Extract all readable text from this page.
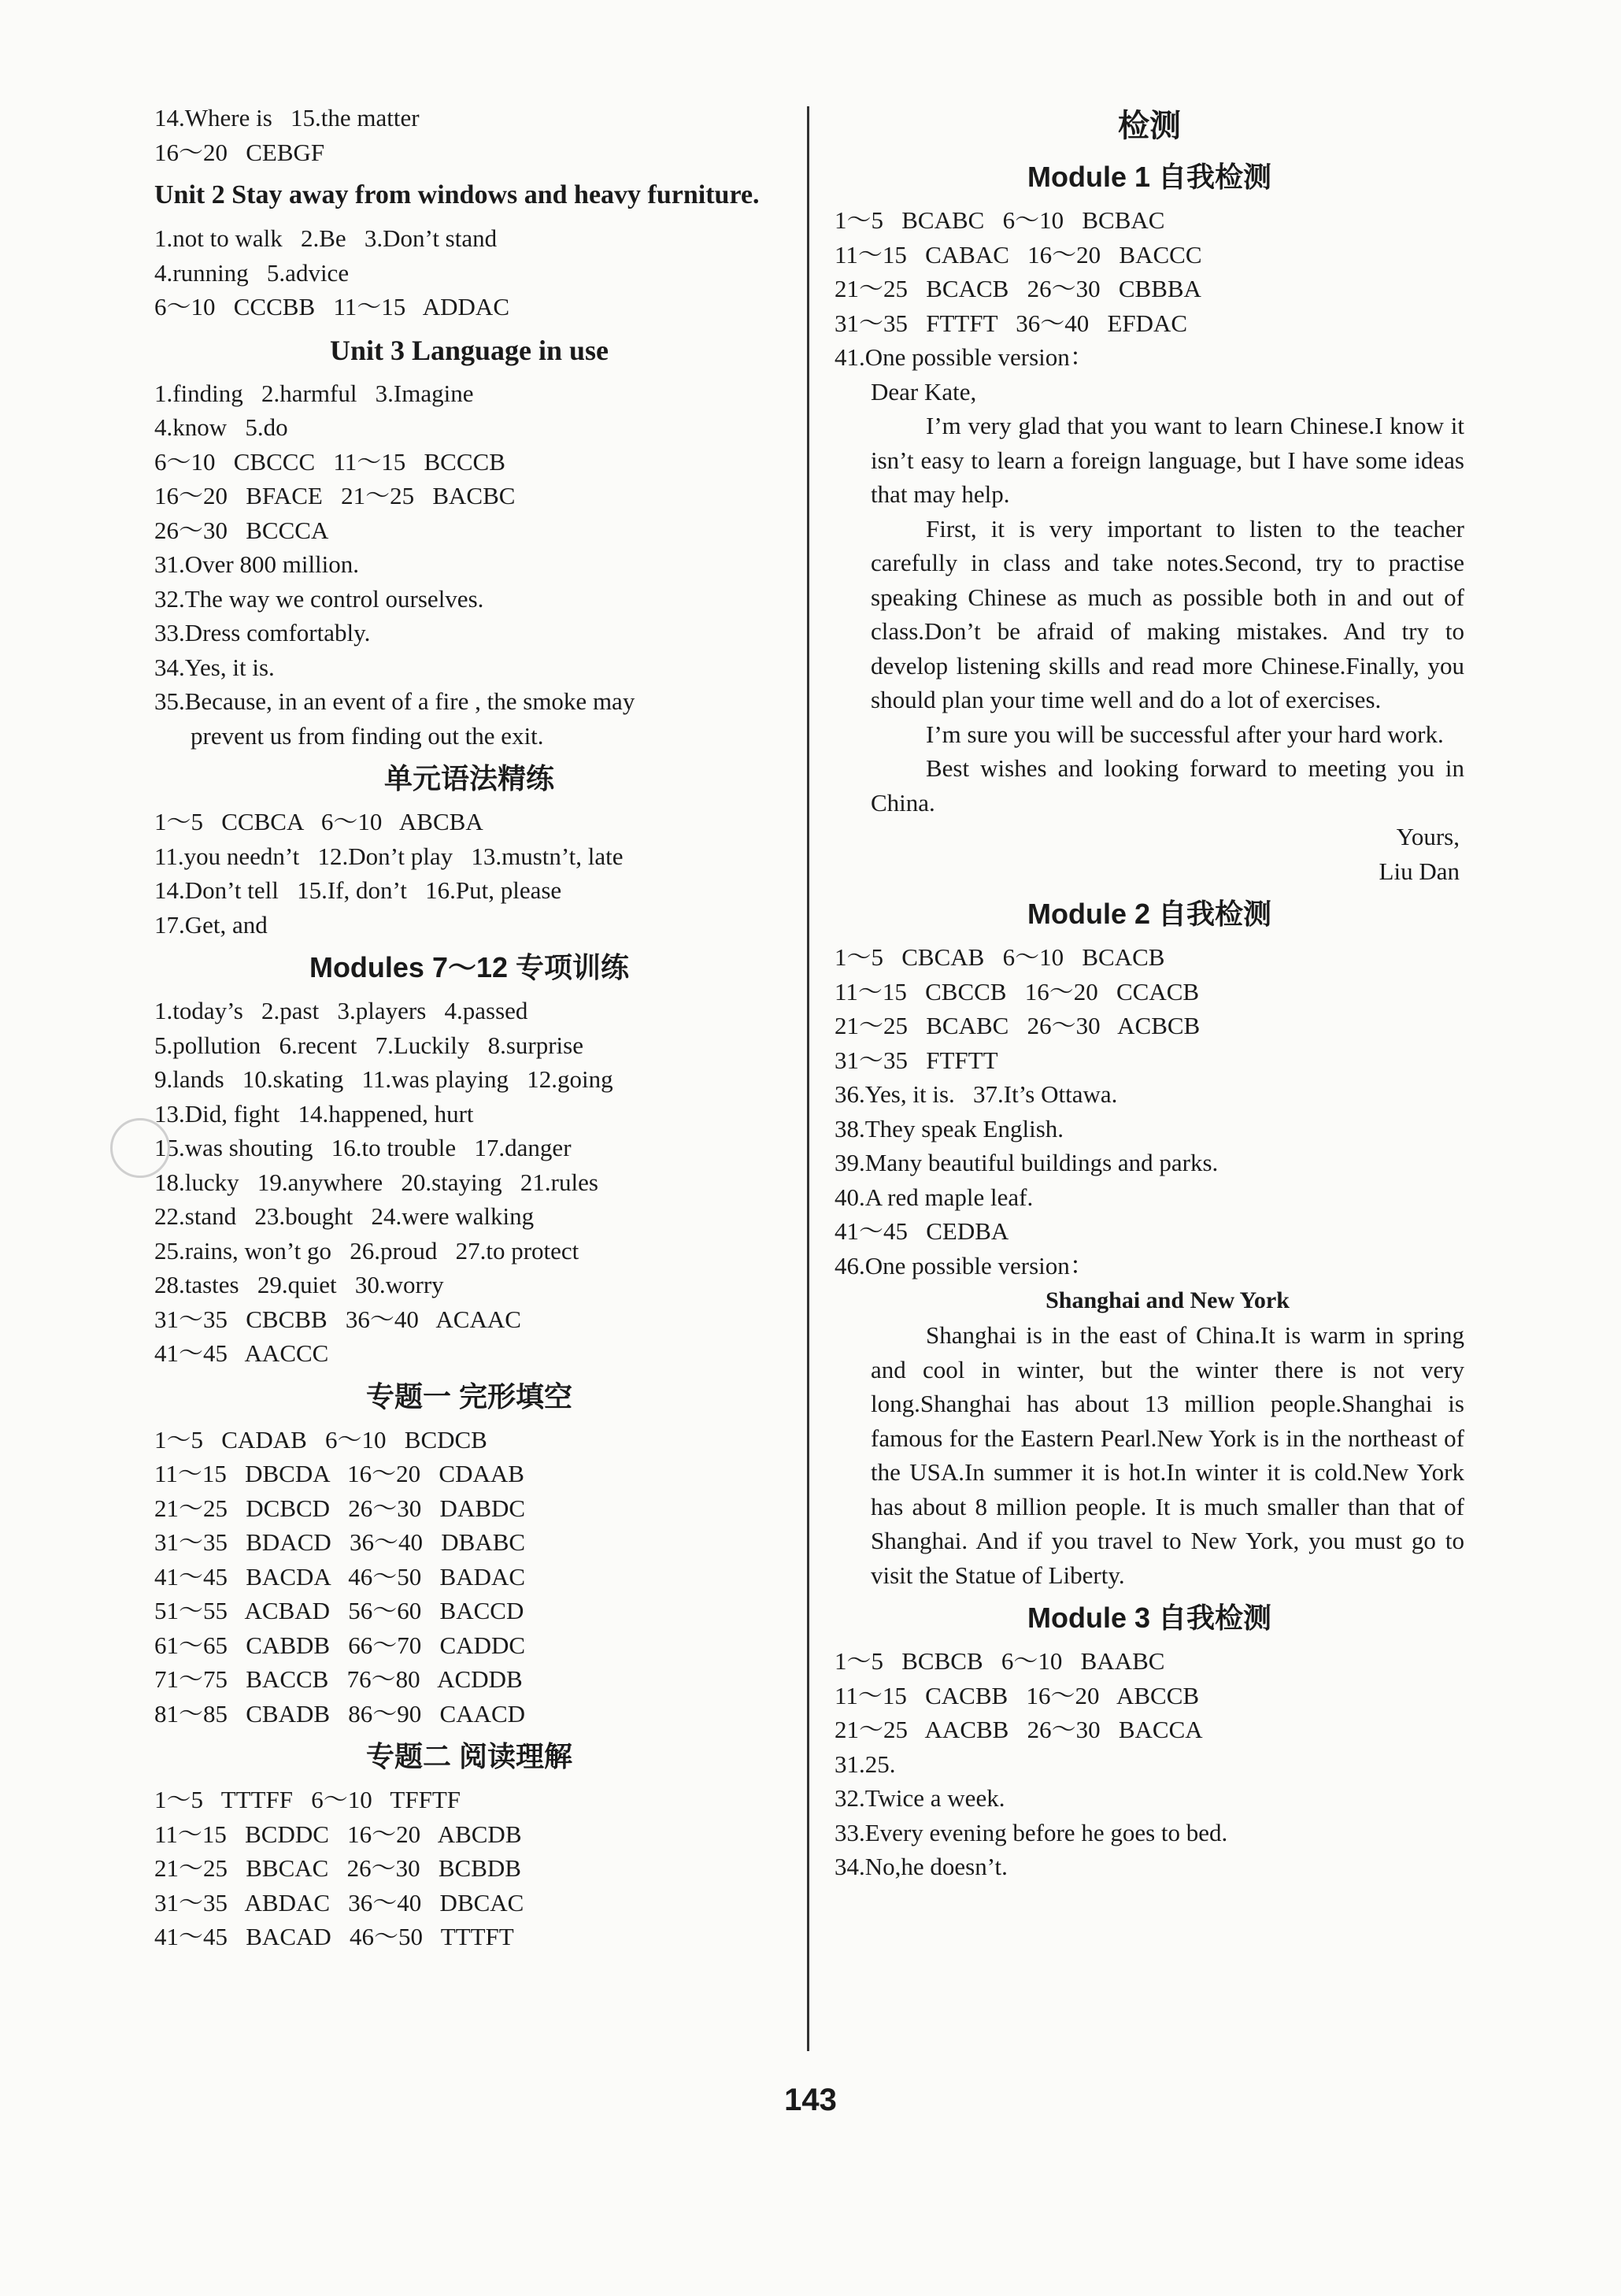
14.Where is   15.the matter
16～20   CEBGF
Unit 2 Stay away from windows and heavy furniture.
1.not to walk   2.Be   3.Don’t stand
4.running   5.advice
6～10   CCCBB   11～15   ADDAC
Unit 3 Language in use
1.finding   2.harmful   3.Imagine
4.know   5.do
6～10   CBCCC   11～15   BCCCB
16～20   BFACE   21～25   BACBC
26～30   BCCCA
31.Over 800 million.
32.The way we control ourselves.
33.Dress comfortably.
34.Yes, it is.
35.Because, in an event of a fire , the smoke may
prevent us from finding out the exit.
单元语法精练
1～5   CCBCA   6～10   ABCBA
11.you needn’t   12.Don’t play   13.mustn’t, late
14.Don’t tell   15.If, don’t   16.Put, please
17.Get, and
Modules 7～12 专项训练
1.today’s   2.past   3.players   4.passed
5.pollution   6.recent   7.Luckily   8.surprise
9.lands   10.skating   11.was playing   12.going
13.Did, fight   14.happened, hurt
15.was shouting   16.to trouble   17.danger
18.lucky   19.anywhere   20.staying   21.rules
22.stand   23.bought   24.were walking
25.rains, won’t go   26.proud   27.to protect
28.tastes   29.quiet   30.worry
31～35   CBCBB   36～40   ACAAC
41～45   AACCC
专题一 完形填空
1～5   CADAB   6～10   BCDCB
11～15   DBCDA   16～20   CDAAB
21～25   DCBCD   26～30   DABDC
31～35   BDACD   36～40   DBABC
41～45   BACDA   46～50   BADAC
51～55   ACBAD   56～60   BACCD
61～65   CABDB   66～70   CADDC
71～75   BACCB   76～80   ACDDB
81～85   CBADB   86～90   CAACD
专题二 阅读理解
1～5   TTTFF   6～10   TFFTF
11～15   BCDDC   16～20   ABCDB
21～25   BBCAC   26～30   BCBDB
31～35   ABDAC   36～40   DBCAC
41～45   BACAD   46～50   TTTFT
检测
Module 1 自我检测
1～5   BCABC   6～10   BCBAC
11～15   CABAC   16～20   BACCC
21～25   BCACB   26～30   CBBBA
31～35   FTTFT   36～40   EFDAC
41.One possible version：
Dear Kate,
I’m very glad that you want to learn Chinese.I know it isn’t easy to learn a foreign language, but I have some ideas that may help.
First, it is very important to listen to the teacher carefully in class and take notes.Second, try to practise speaking Chinese as much as possible both in and out of class.Don’t be afraid of making mistakes. And try to develop listening skills and read more Chinese.Finally, you should plan your time well and do a lot of exercises.
I’m sure you will be successful after your hard work.
Best wishes and looking forward to meeting you in China.
Yours,
Liu Dan
Module 2 自我检测
1～5   CBCAB   6～10   BCACB
11～15   CBCCB   16～20   CCACB
21～25   BCABC   26～30   ACBCB
31～35   FTFTT
36.Yes, it is.   37.It’s Ottawa.
38.They speak English.
39.Many beautiful buildings and parks.
40.A red maple leaf.
41～45   CEDBA
46.One possible version：
Shanghai and New York
Shanghai is in the east of China.It is warm in spring and cool in winter, but the winter there is not very long.Shanghai has about 13 million people.Shanghai is famous for the Eastern Pearl.New York is in the northeast of the USA.In summer it is hot.In winter it is cold.New York has about 8 million people. It is much smaller than that of Shanghai. And if you travel to New York, you must go to visit the Statue of Liberty.
Module 3 自我检测
1～5   BCBCB   6～10   BAABC
11～15   CACBB   16～20   ABCCB
21～25   AACBB   26～30   BACCA
31.25.
32.Twice a week.
33.Every evening before he goes to bed.
34.No,he doesn’t.
143
